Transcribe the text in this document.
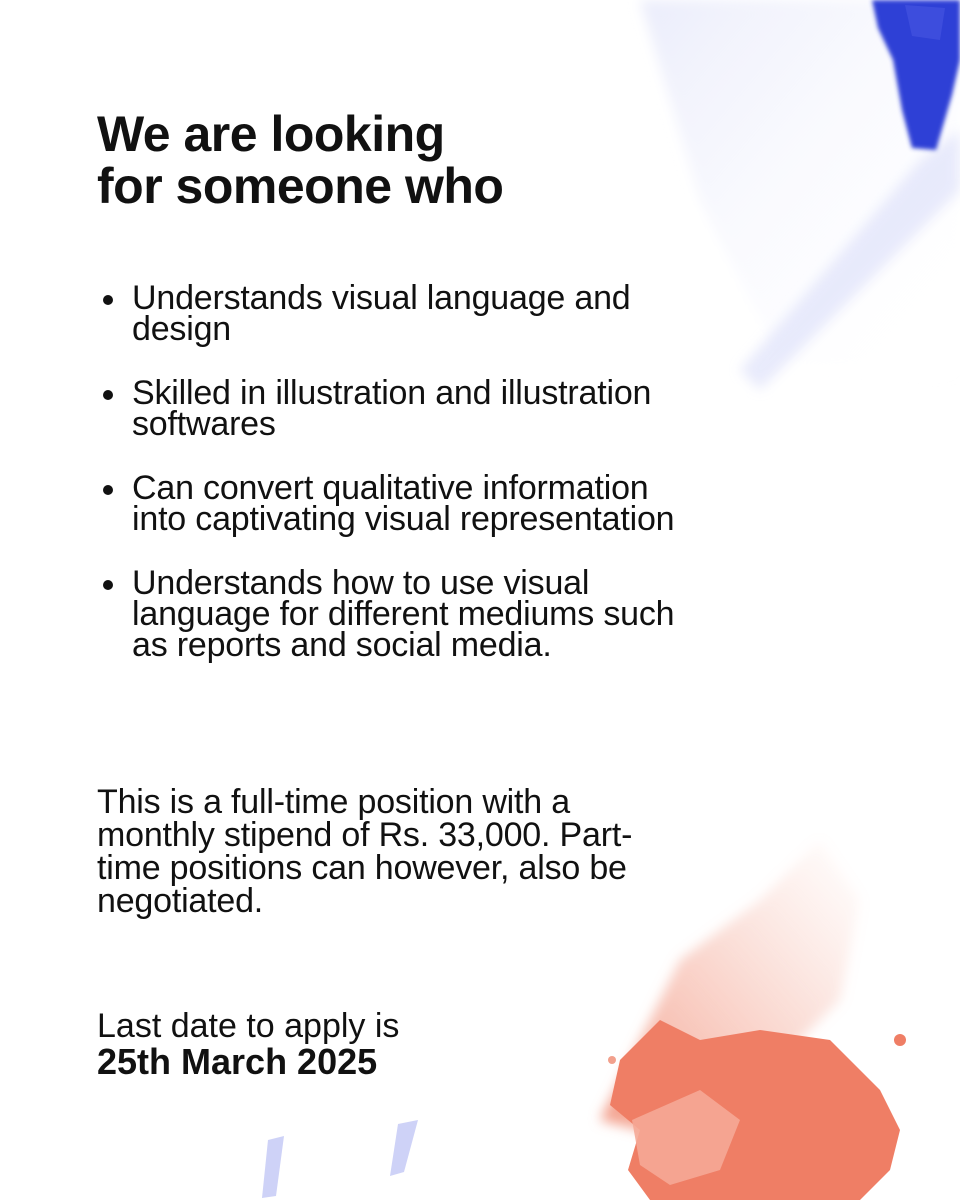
We are looking
for someone who
Understands visual language and design
Skilled in illustration and illustration softwares
Can convert qualitative information into captivating visual representation
Understands how to use visual language for different mediums such as reports and social media.

This is a full-time position with a monthly stipend of Rs. 33,000. Part-time positions can however, also be negotiated.

Last date to apply is
25th March 2025
